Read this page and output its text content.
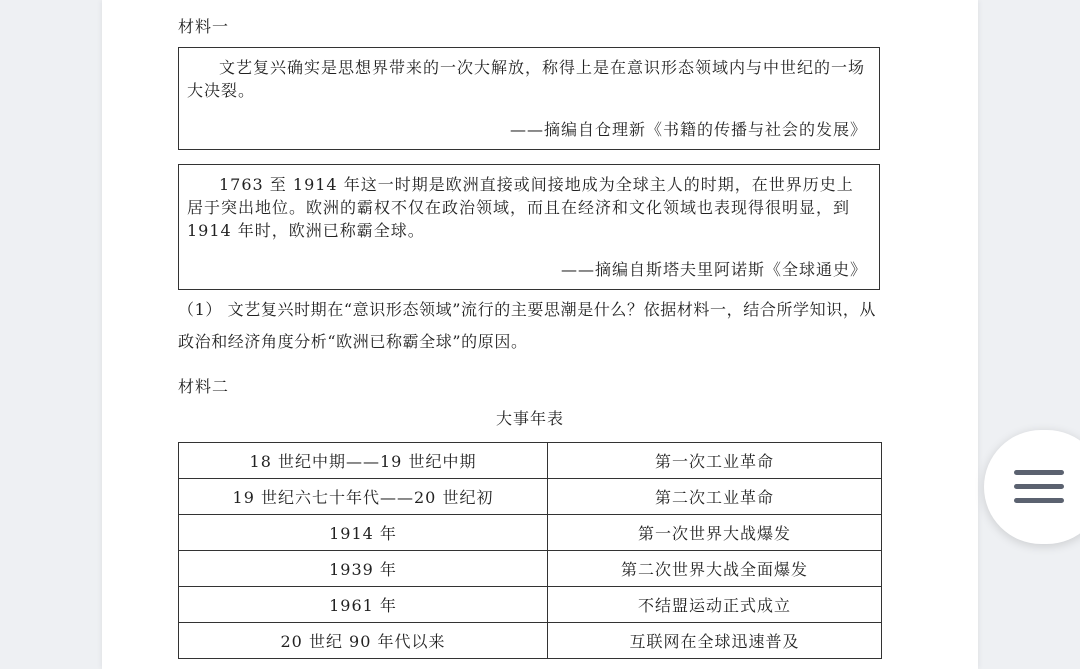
材料一

文艺复兴确实是思想界带来的一次大解放，称得上是在意识形态领域内与中世纪的一场大决裂。

——摘编自仓理新《书籍的传播与社会的发展》

1763 至 1914 年这一时期是欧洲直接或间接地成为全球主人的时期，在世界历史上居于突出地位。欧洲的霸权不仅在政治领域，而且在经济和文化领域也表现得很明显，到 1914 年时，欧洲已称霸全球。

——摘编自斯塔夫里阿诺斯《全球通史》
（1） 文艺复兴时期在“意识形态领域”流行的主要思潮是什么？依据材料一，结合所学知识，从政治和经济角度分析“欧洲已称霸全球”的原因。
材料二
大事年表
18 世纪中期——19 世纪中期	第一次工业革命
19 世纪六七十年代——20 世纪初	第二次工业革命
1914 年	第一次世界大战爆发
1939 年	第二次世界大战全面爆发
1961 年	不结盟运动正式成立
20 世纪 90 年代以来	互联网在全球迅速普及
